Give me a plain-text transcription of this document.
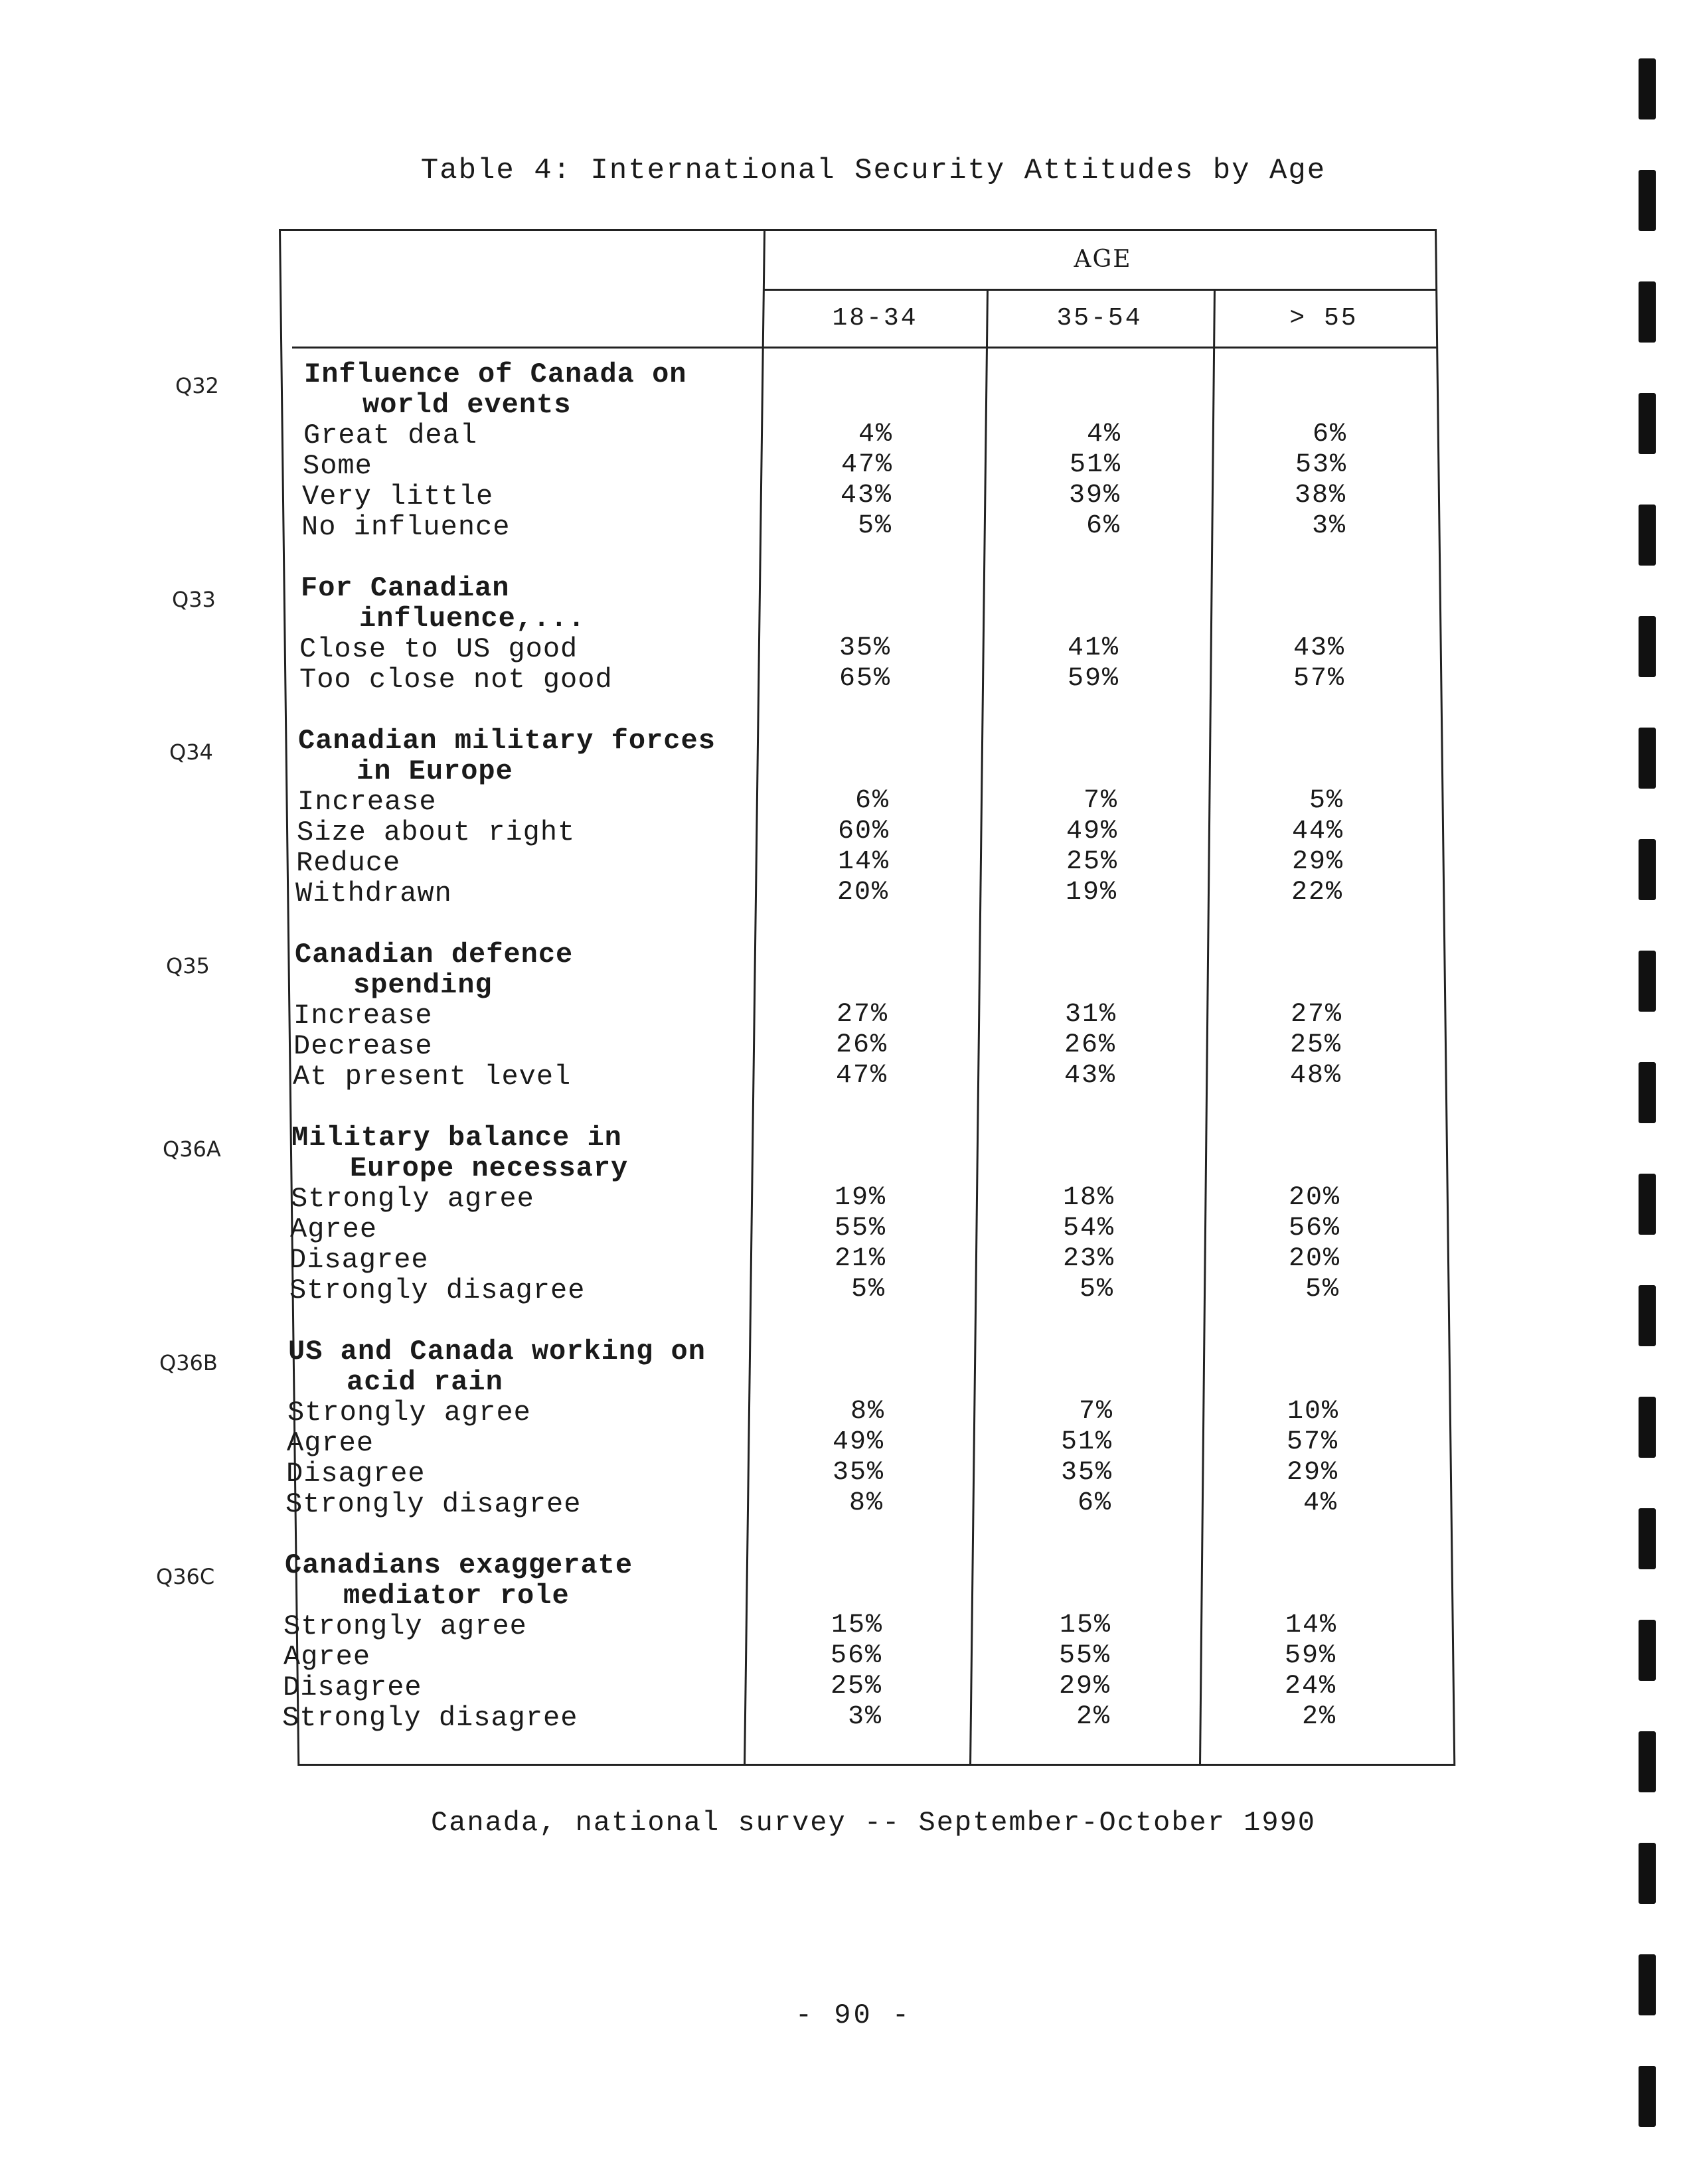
Table 4: International Security Attitudes by Age
AGE
18-34	35-54	> 55
Q32	Influence of Canada on
world events
Great deal	4%	4%	6%
Some	47%	51%	53%
Very little	43%	39%	38%
No influence	5%	6%	3%
Q33	For Canadian
influence,...
Close to US good	35%	41%	43%
Too close not good	65%	59%	57%
Q34	Canadian military forces
in Europe
Increase	6%	7%	5%
Size about right	60%	49%	44%
Reduce	14%	25%	29%
Withdrawn	20%	19%	22%
Q35	Canadian defence
spending
Increase	27%	31%	27%
Decrease	26%	26%	25%
At present level	47%	43%	48%
Q36A	Military balance in
Europe necessary
Strongly agree	19%	18%	20%
Agree	55%	54%	56%
Disagree	21%	23%	20%
Strongly disagree	5%	5%	5%
Q36B	US and Canada working on
acid rain
Strongly agree	8%	7%	10%
Agree	49%	51%	57%
Disagree	35%	35%	29%
Strongly disagree	8%	6%	4%
Q36C	Canadians exaggerate
mediator role
Strongly agree	15%	15%	14%
Agree	56%	55%	59%
Disagree	25%	29%	24%
Strongly disagree	3%	2%	2%
Canada, national survey -- September-October 1990
- 90 -
